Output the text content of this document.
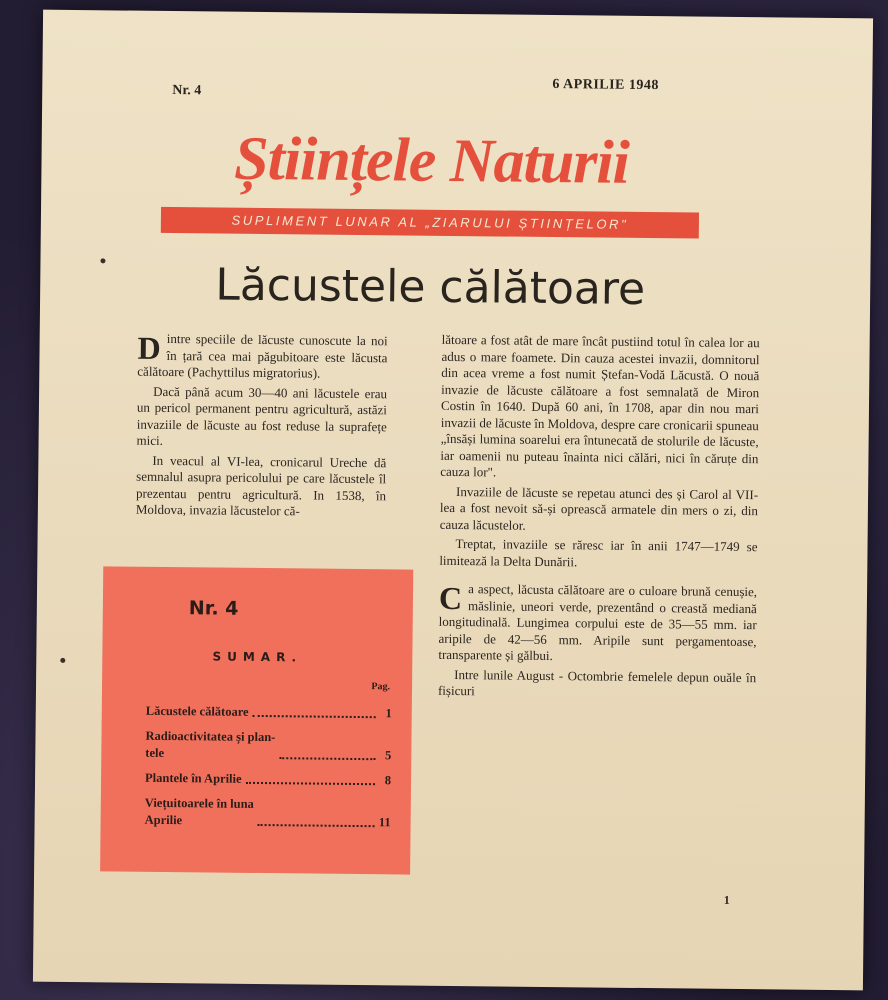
Nr. 4	6 APRILIE 1948
Științele Naturii
SUPLIMENT LUNAR AL „ZIARULUI ȘTIINȚELOR"
Lăcustele călătoare

Dintre speciile de lăcuste cunoscute la noi în țară cea mai păgubitoare este lăcusta călătoare (Pachyttilus migratorius).

Dacă până acum 30—40 ani lăcustele erau un pericol permanent pentru agricultură, astăzi invaziile de lăcuste au fost reduse la suprafețe mici.

In veacul al VI-lea, cronicarul Ureche dă semnalul asupra pericolului pe care lăcustele îl prezentau pentru agricultură. In 1538, în Moldova, invazia lăcustelor că-

lătoare a fost atât de mare încât pustiind totul în calea lor au adus o mare foamete. Din cauza acestei invazii, domnitorul din acea vreme a fost numit Ștefan-Vodă Lăcustă. O nouă invazie de lăcuste călătoare a fost semnalată de Miron Costin în 1640. După 60 ani, în 1708, apar din nou mari invazii de lăcuste în Moldova, despre care cronicarii spuneau „însăși lumina soarelui era întunecată de stolurile de lăcuste, iar oamenii nu puteau înainta nici călări, nici în căruțe din cauza lor".

Invaziile de lăcuste se repetau atunci des și Carol al VII-lea a fost nevoit să-și oprească armatele din mers o zi, din cauza lăcustelor.

Treptat, invaziile se răresc iar în anii 1747—1749 se limitează la Delta Dunării.

Ca aspect, lăcusta călătoare are o culoare brună cenușie, măslinie, uneori verde, prezentând o creastă mediană longitudinală. Lungimea corpului este de 35—55 mm. iar aripile de 42—56 mm. Aripile sunt pergamentoase, transparente și gălbui.

Intre lunile August - Octombrie femelele depun ouăle în fișicuri

Nr. 4
SUMAR.
Pag.
Lăcustele călătoare	1
Radioactivitatea și plan-
tele	5
Plantele în Aprilie	8
Viețuitoarele în luna
Aprilie	11
1
